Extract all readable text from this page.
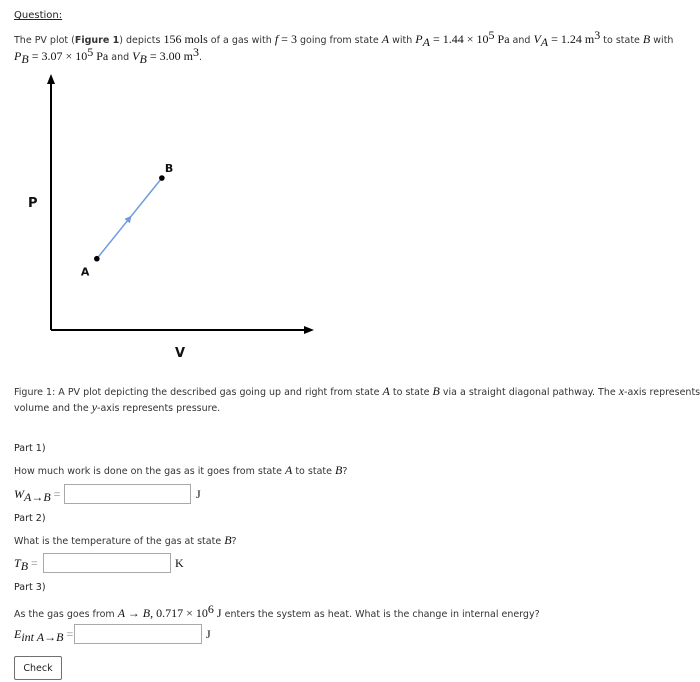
Question:
The PV plot (Figure 1) depicts 156 mols of a gas with f = 3 going from state A with $P_A = 1.44 \times 10^5$ Pa and $V_A = 1.24$ $m^3$ to state B with
$P_B = 3.07 \times 10^5$ Pa and $V_B = 3.00$ $m^3$.
P
V
A
B
Figure 1: A PV plot depicting the described gas going up and right from state A to state B via a straight diagonal pathway. The x-axis represents
volume and the y-axis represents pressure.
Part 1)
How much work is done on the gas as it goes from state A to state B?
$W_{A\to B}$ =	J
Part 2)
What is the temperature of the gas at state B?
$T_B$ =	K
Part 3)
As the gas goes from A → B, $0.717 \times 10^6$ J enters the system as heat. What is the change in internal energy?
$E_{int A\to B}$ =	J
Check
